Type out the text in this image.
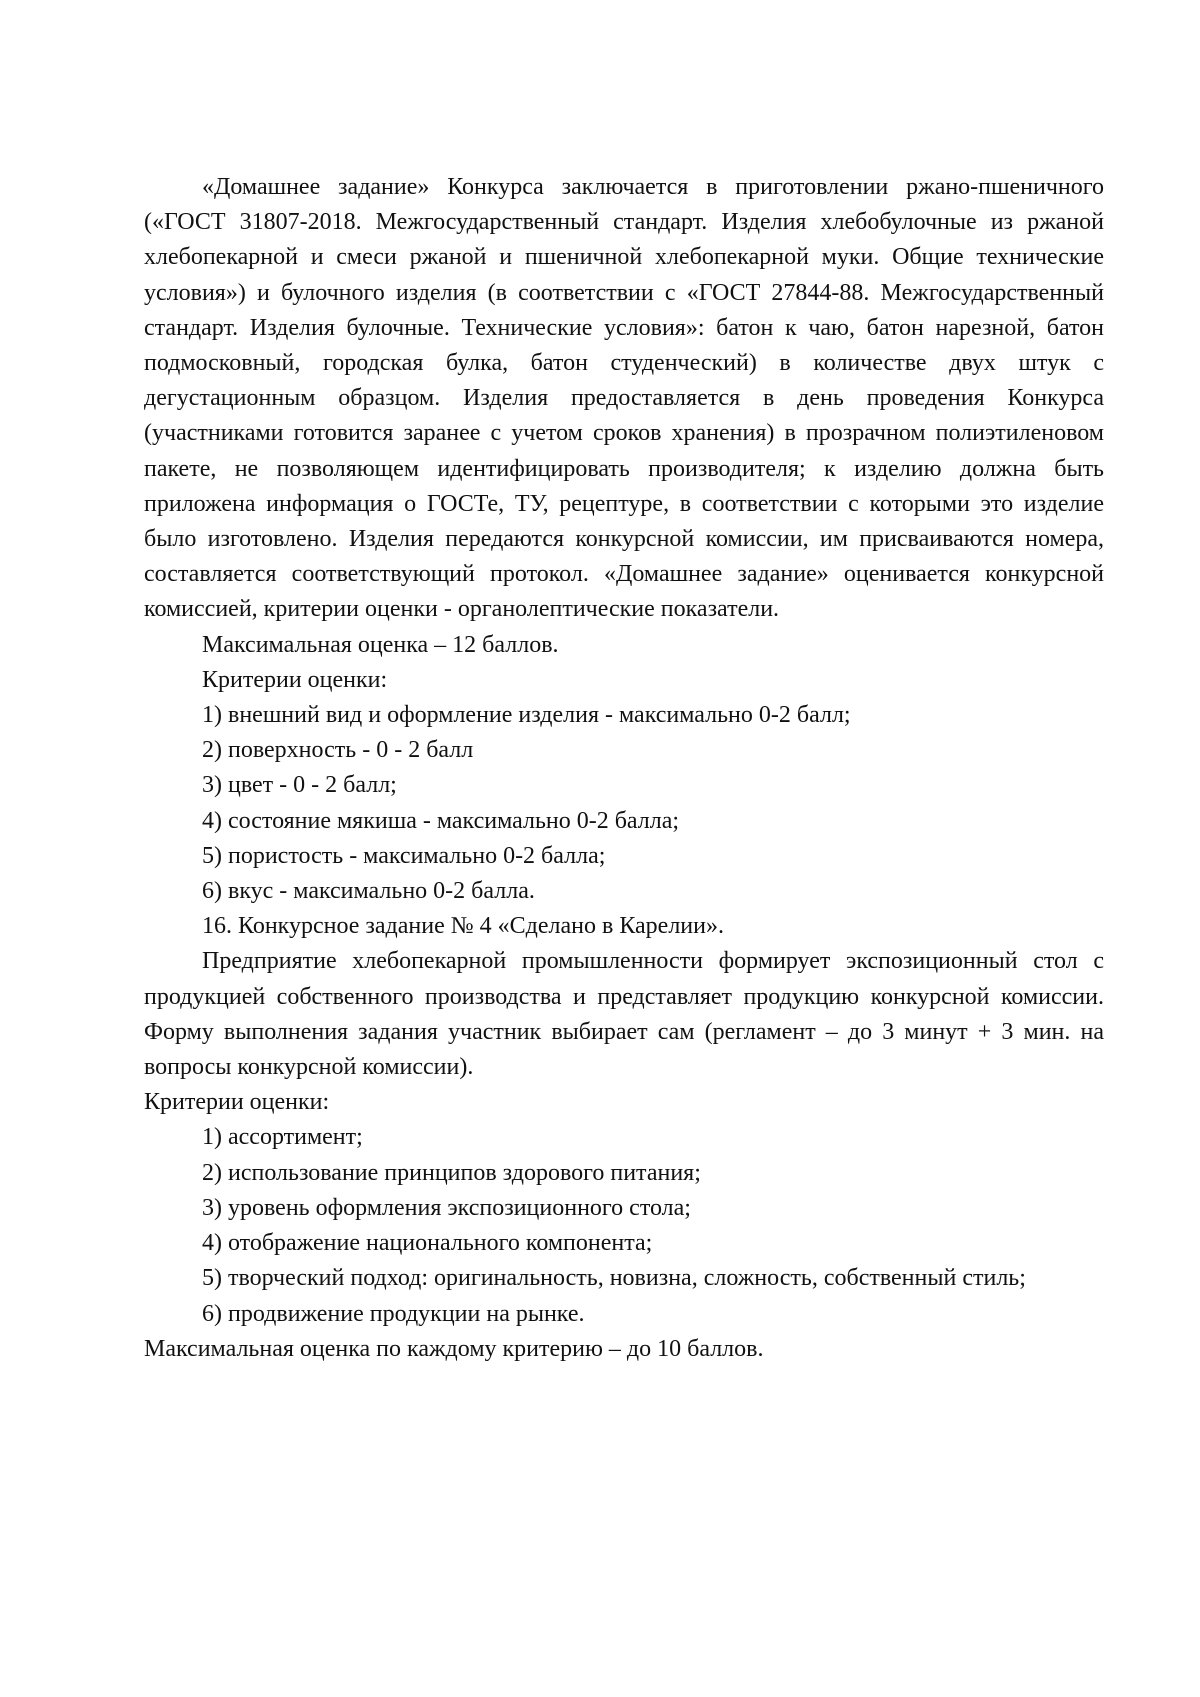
«Домашнее задание» Конкурса заключается в приготовлении ржано-пшеничного («ГОСТ 31807-2018. Межгосударственный стандарт. Изделия хлебобулочные из ржаной хлебопекарной и смеси ржаной и пшеничной хлебопекарной муки. Общие технические условия») и булочного изделия (в соответствии с «ГОСТ 27844-88. Межгосударственный стандарт. Изделия булочные. Технические условия»: батон к чаю, батон нарезной, батон подмосковный, городская булка, батон студенческий) в количестве двух штук с дегустационным образцом. Изделия предоставляется в день проведения Конкурса (участниками готовится заранее с учетом сроков хранения) в прозрачном полиэтиленовом пакете, не позволяющем идентифицировать производителя; к изделию должна быть приложена информация о ГОСТе, ТУ, рецептуре, в соответствии с которыми это изделие было изготовлено. Изделия передаются конкурсной комиссии, им присваиваются номера, составляется соответствующий протокол. «Домашнее задание» оценивается конкурсной комиссией, критерии оценки - органолептические показатели.

Максимальная оценка – 12 баллов.

Критерии оценки:

1) внешний вид и оформление изделия - максимально 0-2 балл;

2) поверхность - 0 - 2 балл

3) цвет - 0 - 2 балл;

4) состояние мякиша - максимально 0-2 балла;

5) пористость - максимально 0-2 балла;

6) вкус - максимально 0-2 балла.

16. Конкурсное задание № 4 «Сделано в Карелии».

Предприятие хлебопекарной промышленности формирует экспозиционный стол с продукцией собственного производства и представляет продукцию конкурсной комиссии. Форму выполнения задания участник выбирает сам (регламент – до 3 минут + 3 мин. на вопросы конкурсной комиссии).

Критерии оценки:

1) ассортимент;

2) использование принципов здорового питания;

3) уровень оформления экспозиционного стола;

4) отображение национального компонента;

5) творческий подход: оригинальность, новизна, сложность, собственный стиль;

6) продвижение продукции на рынке.

Максимальная оценка по каждому критерию – до 10 баллов.
